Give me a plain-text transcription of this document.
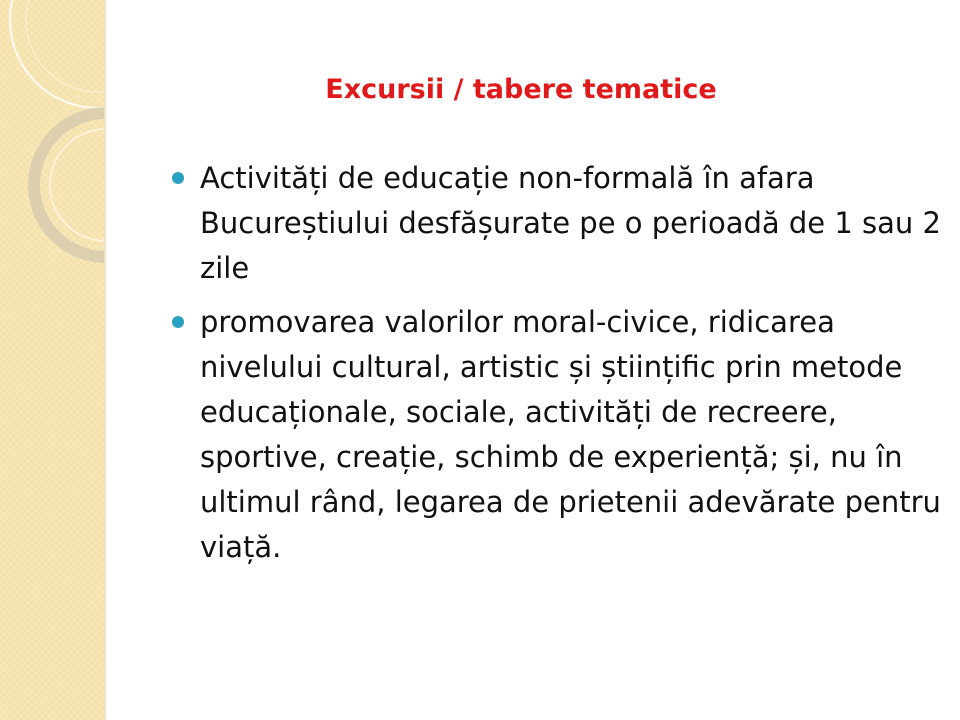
Excursii / tabere tematice
Activități de educație non-formală în afara Bucureștiului desfășurate pe o perioadă de 1 sau 2 zile
promovarea valorilor moral-civice, ridicarea nivelului cultural, artistic și științific prin metode educaționale, sociale, activități de recreere, sportive, creație, schimb de experiență; și, nu în ultimul rând, legarea de prietenii adevărate pentru viață.
